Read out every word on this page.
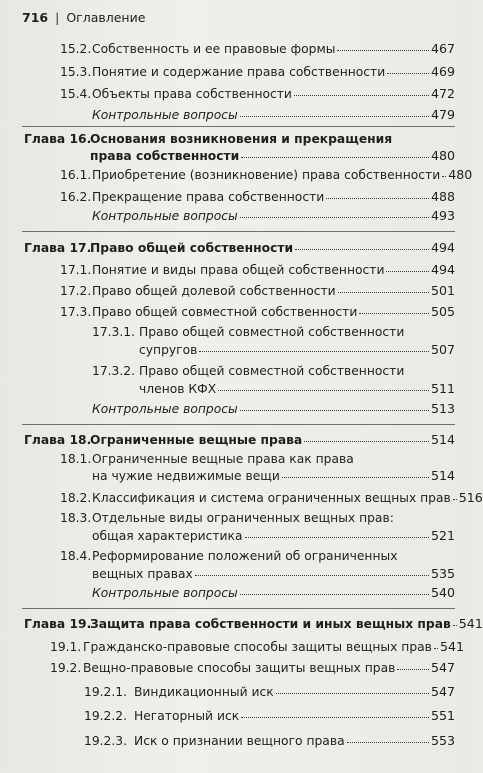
716 | Оглавление
15.2. Собственность и ее правовые формы	467
15.3. Понятие и содержание права собственности	469
15.4. Объекты права собственности	472
Контрольные вопросы	479
Глава 16.Основания возникновения и прекращения
права собственности	480
16.1. Приобретение (возникновение) права собственности 480
16.2. Прекращение права собственности	488
Контрольные вопросы	493
Глава 17.
Право общей собственности	494
17.1. Понятие и виды права общей собственности	494
17.2. Право общей долевой собственности	501
17.3. Право общей совместной собственности	505
17.3.1. Право общей совместной собственности
супругов	507
17.3.2. Право общей совместной собственности
членов КФХ	511
Контрольные вопросы	513
Глава 18.
Ограниченные вещные права	514
18.1.Ограниченные вещные права как права
на чужие недвижимые вещи	514
18.2. Классификация и система ограниченных вещных прав 516
18.3.Отдельные виды ограниченных вещных прав:
общая характеристика	521
18.4.Реформирование положений об ограниченных
вещных правах	535
Контрольные вопросы	540
Глава 19.
Защита права собственности и иных вещных прав 541
19.1. Гражданско-правовые способы защиты вещных прав 541
19.2. Вещно-правовые способы защиты вещных прав	547
19.2.1. Виндикационный иск	547
19.2.2. Негаторный иск	551
19.2.3. Иск о признании вещного права	553
